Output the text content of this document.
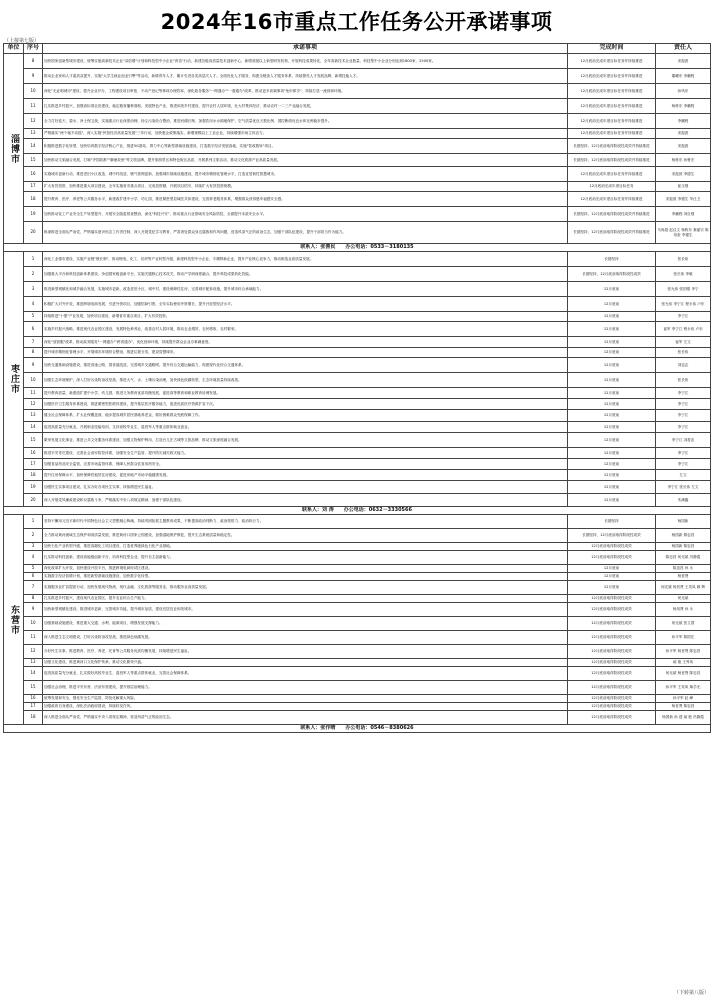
2024年16市重点工作任务公开承诺事项
（上接第七版）
单位	序号	承诺事项	完成时间	责任人
淄博市	8	加快国家创新型城市建设，统筹实施高新技术企业"双倍增"计划和科技型中小企业"育苗"行动，新建各级高质量技术创新中心，新增省级以上新型研发机构，开展科技成果转化，全年高新技术企业数量、科技型中小企业分别达到1800家、2500家。	12月底前完成年度目标任务并持续推进	宋振波
	9	推动企业家和人才素质双提升，实施"大学生就业创业引擎"等活动，新增青年人才，累计引进各类高层次人才。全面优化人才服务，构建全链条人才服务体系，持续擦亮人才发展品牌，新增技能人才。	12月底前完成年度目标任务并持续推进	董曜东 李鹏程
	10	深化"无证明城市"建设，提升企业开办、工程建设项目审批、不动产登记等事项办理效率，深化政务服务"一网通办""一窗通办"改革，推动更多高频事项"免申即享"，持续打造一流营商环境。	12月底前完成年度目标任务并持续推进	孙风东
	11	扎实推进乡村振兴，加强高标准农田建设，稳定粮食播种面积，发展特色产业，推进和美乡村建设，提升农村人居环境，壮大村集体经济，推动农村一二三产业融合发展。	12月底前完成年度目标任务并持续推进	杨栋东 李鹏程
	12	全力打好蓝天、碧水、净土保卫战，实施重点行业深度治理、扬尘污染综合整治，推进河湖长制，加强饮用水水源地保护，空气质量优良天数比例、国控断面优良水体比例稳步提升。	12月底前完成年度目标任务并持续推进	李鹏程
	13	严格落实"两个毫不动摇"，深入实施"民营经济高质量发展"三年行动，加快惠企政策落实，新增规模以上工业企业，持续增强市场主体活力。	12月底前完成年度目标任务并持续推进	宋振波
	14	积极推进数字化转型，加快培育数字经济核心产业，推进5G基站、算力中心等新型基础设施建设，打造数字经济发展高地，实施"智改数转"项目。	长期坚持，12月底前取得阶段性成效并持续推进	宋振波
	15	加快推动文旅融合发展，打响"齐国故都""聊斋故里"等文旅品牌，提升旅游景区和特色街区品质，开展系列文旅活动，推动文化旅游产业高质量发展。	长期坚持，12月底前取得阶段性成效并持续推进	杨栋东 孙鲁宏
	16	实施城市更新行动，推进老旧小区改造、城中村改造、燃气管网更新，加强城市基础设施建设，提升城市精细化管理水平，打造宜居韧性智慧城市。	12月底前完成年度目标任务并持续推进	宋振波 李德生
	17	扩大有效投资，加快推进重大项目建设，全年实施省市重点项目，完成投资额，开展项目招引，持续扩大有效投资规模。	12月底前完成年度目标任务	崔玉强
	18	提升教育、医疗、养老等公共服务水平，新建改扩建中小学、幼儿园，推进紧密型县域医共体建设，完善养老服务体系，增强群众获得感幸福感安全感。	12月底前完成年度目标任务并持续推进	宋振波 李德生 毕仕卫
	19	加快推动化工产业安全生产转型提升，开展安全隐患排查整治，深化"科技兴安"，推动重点行业领域安全风险防控，全面提升本质安全水平。	长期坚持，12月底前取得阶段性成效并持续推进	李鹏程 刘自强
	20	纵深推进全面从严治党，严格落实意识形态工作责任制，深入开展党纪学习教育，严肃查处群众身边腐败和作风问题，营造风清气正的政治生态，加强干部队伍建设，提升干部担当作为能力。	长期坚持，12月底前取得阶段性成效并持续推进	马尚超 赵汉文 杨栋东 秦丽宗 陈培奎 李德生
联系人：张善民　　办公电话：0533－3180135				
枣庄市	1	深化工业强市建设，实施产业链"链长制"，推动锂电、化工、纺织等产业转型升级，新建科技型中小企业、专精特新企业，提升产业核心竞争力，推动制造业高质量发展。	长期坚持	张长伟
	2	加强重大平台和科技创新体系建设，争创国家级创新平台，实施关键核心技术攻关，推动产学研深度融合，提升科技成果转化效能。	长期坚持，12月底前取得阶段性成效	张长伟 李敏
	3	推进新型城镇化和城乡融合发展，实施城市更新，改造老旧小区、城中村，建设保障性住房，完善城市配套设施，提升城市综合承载能力。	12月底前	张允伟 张国强 李宁
	4	积极扩大对外开放，推进跨境电商发展，引进外资项目，加强招商引资，全年实际使用外资增长，提升开放型经济水平。	12月底前	张允伟 李宁江 程永伟 卢东
	5	持续推进"十强"产业发展，加快项目建设，新增省市重点项目，扩大有效投资。	12月底前	李宁江
	6	实施乡村振兴战略，推进现代农业园区建设，发展特色种养业，改善农村人居环境，推动农业增效、农民增收、农村繁荣。	12月底前	崔军 李宁江 程永伟 卢东
	7	深化"放管服"改革，推动政务服务"一网通办""跨省通办"，优化营商环境，持续提升群众企业办事满意度。	12月底前	崔军 左文
	8	提升城市精细化管理水平，开展城市环境综合整治，推进垃圾分类，建设智慧城市。	12月底前	张长伟
	9	加快交通基础设施建设，推进高速公路、国省道改造，完善城乡交通路网，提升综合交通运输能力，构建现代化综合交通体系。	12月底前	刘忠志
	10	加强生态环境保护，深入打好污染防治攻坚战，推进大气、水、土壤污染治理，加快绿色低碳转型，生态环境质量持续改善。	12月底前	张长伟
	11	提升教育质量，新建改扩建中小学、幼儿园，推进义务教育优质均衡发展，促进高等教育和职业教育协调发展。	12月底前	李宁江
	12	加强医疗卫生服务体系建设，推进紧密型医联体建设，提升基层医疗服务能力，促进优质医疗资源扩容下沉。	12月底前	李宁江
	13	健全社会保障体系，扩大社保覆盖面，稳步提高城乡居民基础养老金，做好困难群众兜底保障工作。	12月底前	李宁江
	14	促进高质量充分就业，开展职业技能培训，支持高校毕业生、退役军人等重点群体就业创业。	12月底前	李宁江
	15	繁荣发展文化事业，推进公共文化服务体系建设，加强文物保护利用，打造台儿庄古城等文旅品牌，推动文旅深度融合发展。	12月底前	李宁江 刘善忠
	16	推进平安枣庄建设，完善社会治安防控体系，加强安全生产监管，提升防灾减灾救灾能力。	12月底前	李宁江
	17	加强食品药品安全监管，完善市场监管体系，保障人民群众饮食用药安全。	12月底前	李宁江
	18	提升住房保障水平，加快保障性租赁住房建设，促进房地产市场平稳健康发展。	12月底前	左文
	19	加强民生实事项目建设，扎实办好各项民生实事，持续增进民生福祉。	12月底前	李宁江 张长伟 左文
	20	深入开展党风廉政建设和反腐败斗争，严格落实中央八项规定精神，加强干部队伍建设。	12月底前	朱满鑫
联系人：刘 涛　　办公电话：0632－3330566				
东营市	1	坚持不懈用习近平新时代中国特色社会主义思想凝心铸魂，持续巩固拓展主题教育成果，不断提高政治判断力、政治领悟力、政治执行力。	长期坚持	杨国新
	2	全力推动黄河流域生态保护和高质量发展，推进黄河口国家公园建设，加强湿地保护修复，提升生态系统质量和稳定性。	长期坚持，12月底前取得阶段性成效	杨国新 陈忠昌
	3	加快石化产业转型升级，推进高端化工项目建设，打造世界级绿色石化产业基地。	12月底前取得阶段性成效	杨国新 陈忠昌
	4	扎实推动科技创新，建设高能级创新平台，培育科技型企业，提升自主创新能力。	12月底前取得阶段性成效	陈忠昌 何光斌 冯静霞
	5	深化改革扩大开放，加快建设开放平台，推进跨境电商综试区建设。	12月底前	陈忠昌 孙 永
	6	实施数字经济倍增计划，推进新型基础设施建设，加快数字化转型。	12月底前	杨晋贤
	7	实施服务业扩容提质行动，加快发展现代物流、现代金融、文化旅游等服务业，推动服务业高质量发展。	12月底前	何光斌 杨晋贤 王英凤 顾 辉
	8	扎实推进乡村振兴，建设现代农业园区，提升农业综合生产能力。	12月底前取得阶段性成效	何光斌
	9	加快新型城镇化建设，推进城市更新，完善城市功能，提升城市品质，建设宜居宜业和美城市。	12月底前取得阶段性成效	杨培贤 孙 永
	10	加强基础设施建设，推进重大交通、水利、能源项目，增强发展支撑能力。	12月底前取得阶段性成效	何光斌 张立国
	11	深入推进生态文明建设，打好污染防治攻坚战，推进绿色低碳发展。	12月底前取得阶段性成效	孙平军 陈国庄
	12	办好民生实事，推进教育、医疗、养老、托育等公共服务优质均衡发展，持续增进民生福祉。	12月底前取得阶段性成效	孙平军 杨晋贤 陈忠昌
	13	加强文化建设，推进黄河口文化保护传承，推动文化繁荣兴盛。	12月底前取得阶段性成效	郝 艳 王秀凤
	14	促进高质量充分就业，扎实做好高校毕业生、退役军人等重点群体就业，完善社会保障体系。	12月底前取得阶段性成效	何光斌 杨晋贤 陈忠昌
	15	加强社会治理，推进平安东营、法治东营建设，提升基层治理能力。	12月底前取得阶段性成效	孙平军 王英凤 柴学光
	16	统筹发展和安全，强化安全生产监管，防范化解重大风险。	12月底前取得阶段性成效	孙平军 赵 峰
	17	加强政府自身建设，深化法治政府建设，持续转变作风。	12月底前取得阶段性成效	杨晋贤 陈忠昌
	18	深入推进全面从严治党，严格落实中央八项规定精神，营造风清气正的政治生态。	12月底前取得阶段性成效	杨国新 孙 建 郝 艳 冯静霞
联系人：张作晴　　办公电话：0546－8380626				
（下转第八版）
